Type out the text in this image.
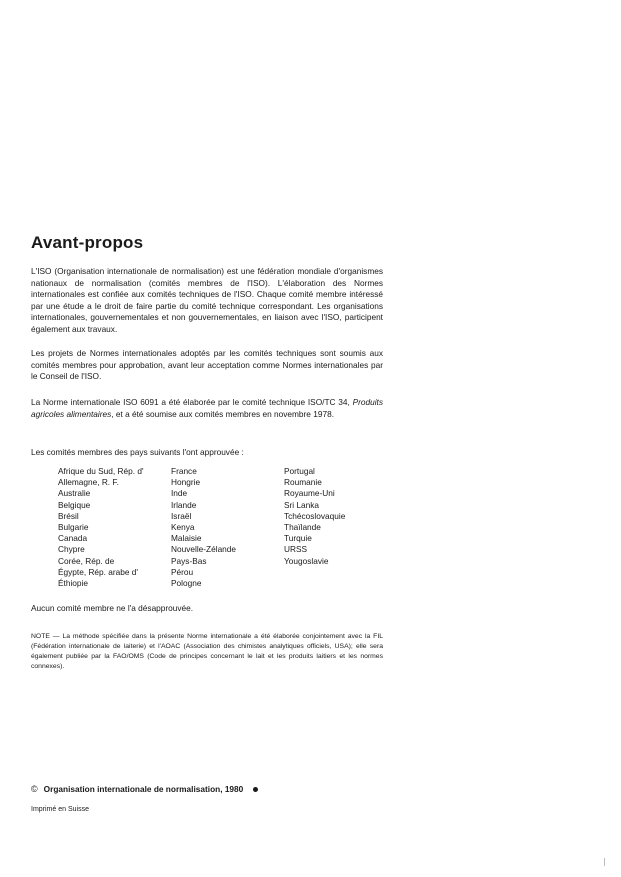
Avant-propos

L'ISO (Organisation internationale de normalisation) est une fédération mondiale d'organismes nationaux de normalisation (comités membres de l'ISO). L'élaboration des Normes internationales est confiée aux comités techniques de l'ISO. Chaque comité membre intéressé par une étude a le droit de faire partie du comité technique correspondant. Les organisations internationales, gouvernementales et non gouvernementales, en liaison avec l'ISO, participent également aux travaux.

Les projets de Normes internationales adoptés par les comités techniques sont soumis aux comités membres pour approbation, avant leur acceptation comme Normes internationales par le Conseil de l'ISO.

La Norme internationale ISO 6091 a été élaborée par le comité technique ISO/TC 34, Produits agricoles alimentaires, et a été soumise aux comités membres en novembre 1978.

Les comités membres des pays suivants l'ont approuvée :

Afrique du Sud, Rép. d'
Allemagne, R. F.
Australie
Belgique
Brésil
Bulgarie
Canada
Chypre
Corée, Rép. de
Égypte, Rép. arabe d'
Éthiopie
France
Hongrie
Inde
Irlande
Israël
Kenya
Malaisie
Nouvelle-Zélande
Pays-Bas
Pérou
Pologne
Portugal
Roumanie
Royaume-Uni
Sri Lanka
Tchécoslovaquie
Thaïlande
Turquie
URSS
Yougoslavie

Aucun comité membre ne l'a désapprouvée.

NOTE — La méthode spécifiée dans la présente Norme internationale a été élaborée conjointement avec la FIL (Fédération internationale de laiterie) et l'AOAC (Association des chimistes analytiques officiels, USA); elle sera également publiée par la FAO/OMS (Code de principes concernant le lait et les produits laitiers et les normes connexes).

© Organisation internationale de normalisation, 1980
Imprimé en Suisse
